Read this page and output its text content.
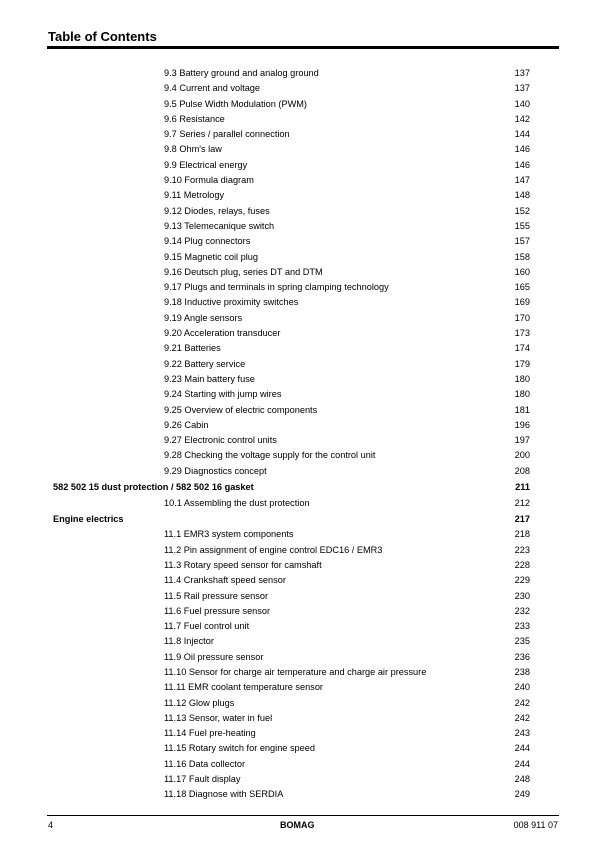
Table of Contents
9.3 Battery ground and analog ground	137
9.4 Current and voltage	137
9.5 Pulse Width Modulation (PWM)	140
9.6 Resistance	142
9.7 Series / parallel connection	144
9.8 Ohm's law	146
9.9 Electrical energy	146
9.10 Formula diagram	147
9.11 Metrology	148
9.12 Diodes, relays, fuses	152
9.13 Telemecanique switch	155
9.14 Plug connectors	157
9.15 Magnetic coil plug	158
9.16 Deutsch plug, series DT and DTM	160
9.17 Plugs and terminals in spring clamping technology	165
9.18 Inductive proximity switches	169
9.19 Angle sensors	170
9.20 Acceleration transducer	173
9.21 Batteries	174
9.22 Battery service	179
9.23 Main battery fuse	180
9.24 Starting with jump wires	180
9.25 Overview of electric components	181
9.26 Cabin	196
9.27 Electronic control units	197
9.28 Checking the voltage supply for the control unit	200
9.29 Diagnostics concept	208
582 502 15 dust protection / 582 502 16 gasket	211
10.1 Assembling the dust protection	212
Engine electrics	217
11.1 EMR3 system components	218
11.2 Pin assignment of engine control EDC16 / EMR3	223
11.3 Rotary speed sensor for camshaft	228
11.4 Crankshaft speed sensor	229
11.5 Rail pressure sensor	230
11.6 Fuel pressure sensor	232
11.7 Fuel control unit	233
11.8 Injector	235
11.9 Oil pressure sensor	236
11.10 Sensor for charge air temperature and charge air pressure	238
11.11 EMR coolant temperature sensor	240
11.12 Glow plugs	242
11.13 Sensor, water in fuel	242
11.14 Fuel pre-heating	243
11.15 Rotary switch for engine speed	244
11.16 Data collector	244
11.17 Fault display	248
11.18 Diagnose with SERDIA	249
4	BOMAG	008 911 07
